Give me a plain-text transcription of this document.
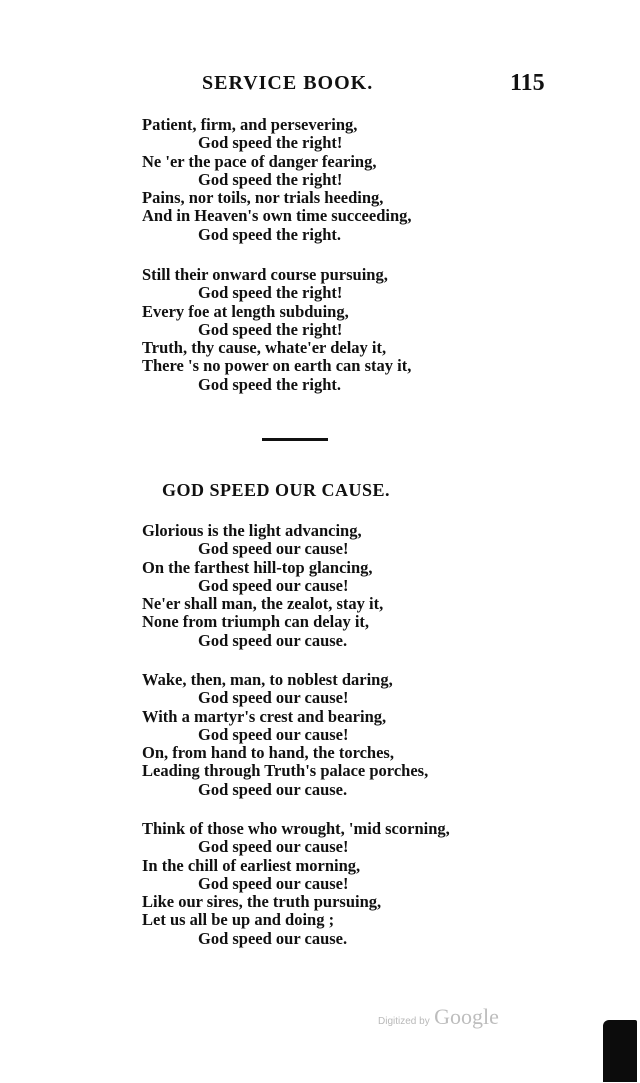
SERVICE BOOK.	115
Patient, firm, and persevering,
God speed the right!
Ne 'er the pace of danger fearing,
God speed the right!
Pains, nor toils, nor trials heeding,
And in Heaven's own time succeeding,
God speed the right.
Still their onward course pursuing,
God speed the right!
Every foe at length subduing,
God speed the right!
Truth, thy cause, whate'er delay it,
There 's no power on earth can stay it,
God speed the right.
GOD SPEED OUR CAUSE.
Glorious is the light advancing,
God speed our cause!
On the farthest hill-top glancing,
God speed our cause!
Ne'er shall man, the zealot, stay it,
None from triumph can delay it,
God speed our cause.
Wake, then, man, to noblest daring,
God speed our cause!
With a martyr's crest and bearing,
God speed our cause!
On, from hand to hand, the torches,
Leading through Truth's palace porches,
God speed our cause.
Think of those who wrought, 'mid scorning,
God speed our cause!
In the chill of earliest morning,
God speed our cause!
Like our sires, the truth pursuing,
Let us all be up and doing ;
God speed our cause.
Digitized by Google
